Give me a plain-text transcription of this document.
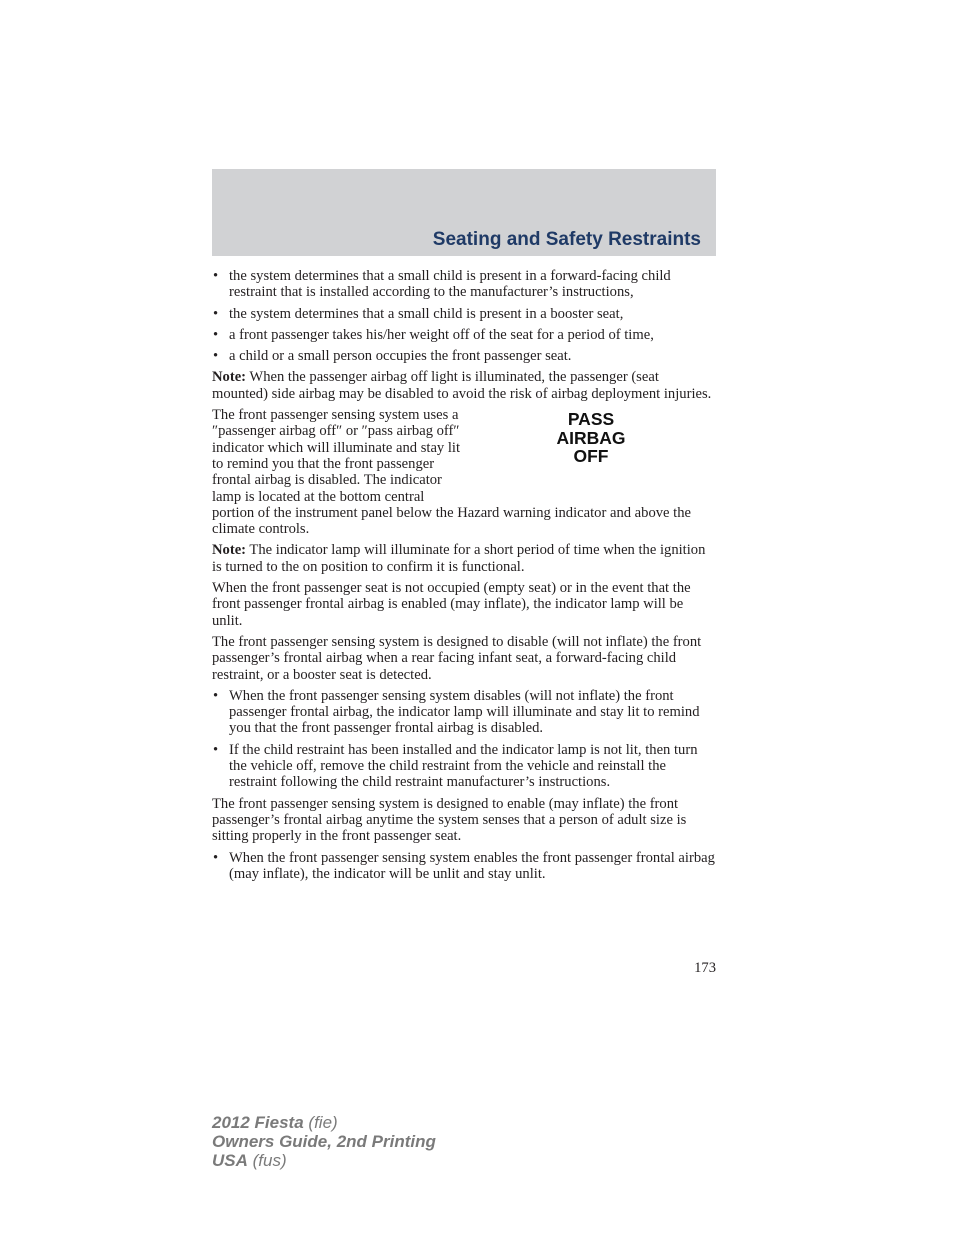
Seating and Safety Restraints
• the system determines that a small child is present in a forward-facing child restraint that is installed according to the manufacturer’s instructions,
• the system determines that a small child is present in a booster seat,
• a front passenger takes his/her weight off of the seat for a period of time,
• a child or a small person occupies the front passenger seat.

Note: When the passenger airbag off light is illuminated, the passenger (seat mounted) side airbag may be disabled to avoid the risk of airbag deployment injuries.

PASS
AIRBAG
OFF

The front passenger sensing system uses a ″passenger airbag off″ or ″pass airbag off″ indicator which will illuminate and stay lit to remind you that the front passenger frontal airbag is disabled. The indicator lamp is located at the bottom central portion of the instrument panel below the Hazard warning indicator and above the climate controls.

Note: The indicator lamp will illuminate for a short period of time when the ignition is turned to the on position to confirm it is functional.

When the front passenger seat is not occupied (empty seat) or in the event that the front passenger frontal airbag is enabled (may inflate), the indicator lamp will be unlit.

The front passenger sensing system is designed to disable (will not inflate) the front passenger’s frontal airbag when a rear facing infant seat, a forward-facing child restraint, or a booster seat is detected.

• When the front passenger sensing system disables (will not inflate) the front passenger frontal airbag, the indicator lamp will illuminate and stay lit to remind you that the front passenger frontal airbag is disabled.
• If the child restraint has been installed and the indicator lamp is not lit, then turn the vehicle off, remove the child restraint from the vehicle and reinstall the restraint following the child restraint manufacturer’s instructions.

The front passenger sensing system is designed to enable (may inflate) the front passenger’s frontal airbag anytime the system senses that a person of adult size is sitting properly in the front passenger seat.

• When the front passenger sensing system enables the front passenger frontal airbag (may inflate), the indicator will be unlit and stay unlit.
173
2012 Fiesta (fie)
Owners Guide, 2nd Printing
USA (fus)
